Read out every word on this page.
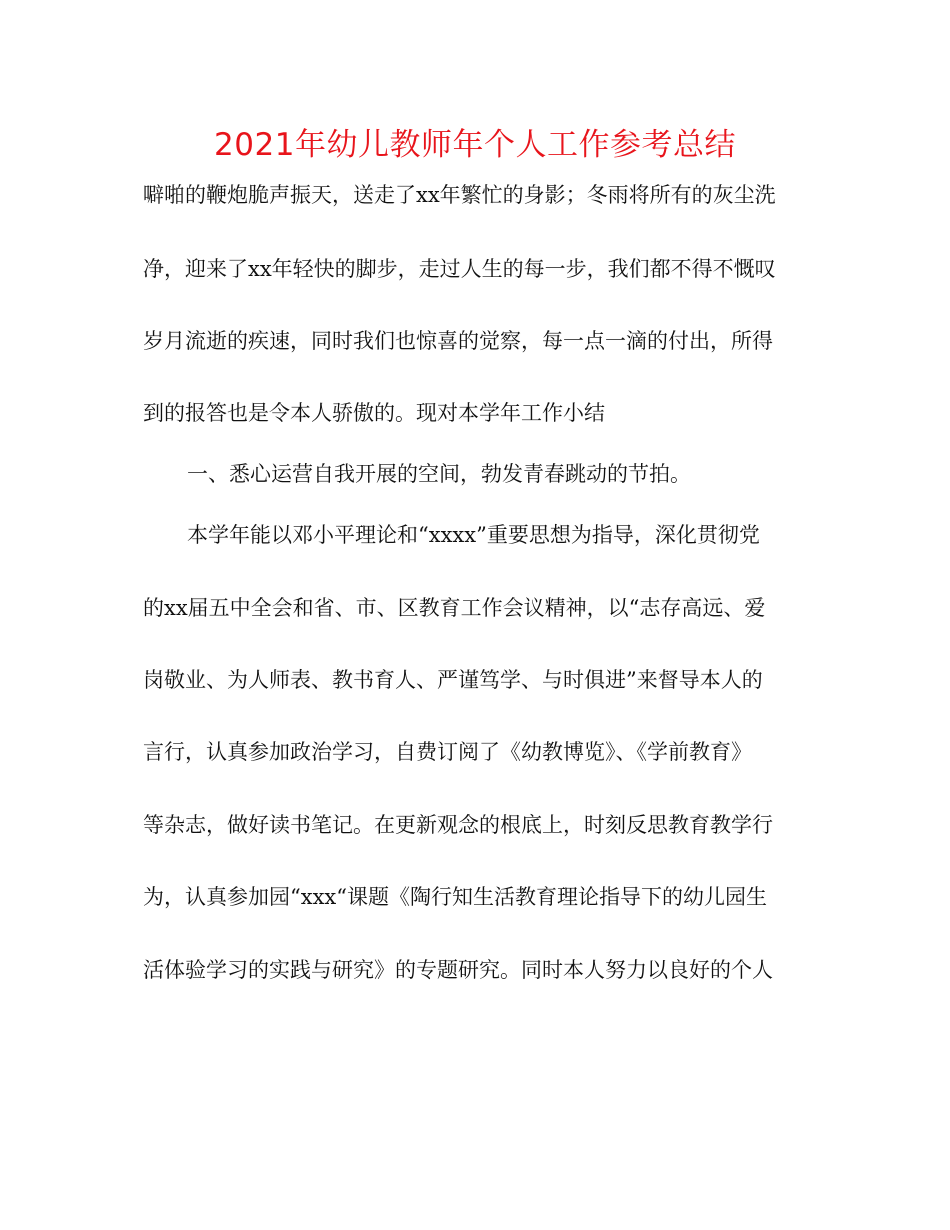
2021年幼儿教师年个人工作参考总结
噼啪的鞭炮脆声振天，送走了xx年繁忙的身影；冬雨将所有的灰尘洗
净，迎来了xx年轻快的脚步，走过人生的每一步，我们都不得不慨叹
岁月流逝的疾速，同时我们也惊喜的觉察，每一点一滴的付出，所得
到的报答也是令本人骄傲的。现对本学年工作小结
一、悉心运营自我开展的空间，勃发青春跳动的节拍。
本学年能以邓小平理论和“xxxx”重要思想为指导，深化贯彻党
的xx届五中全会和省、市、区教育工作会议精神，以“志存高远、爱
岗敬业、为人师表、教书育人、严谨笃学、与时俱进”来督导本人的
言行，认真参加政治学习，自费订阅了《幼教博览》、《学前教育》
等杂志，做好读书笔记。在更新观念的根底上，时刻反思教育教学行
为，认真参加园“xxx“课题《陶行知生活教育理论指导下的幼儿园生
活体验学习的实践与研究》的专题研究。同时本人努力以良好的个人
